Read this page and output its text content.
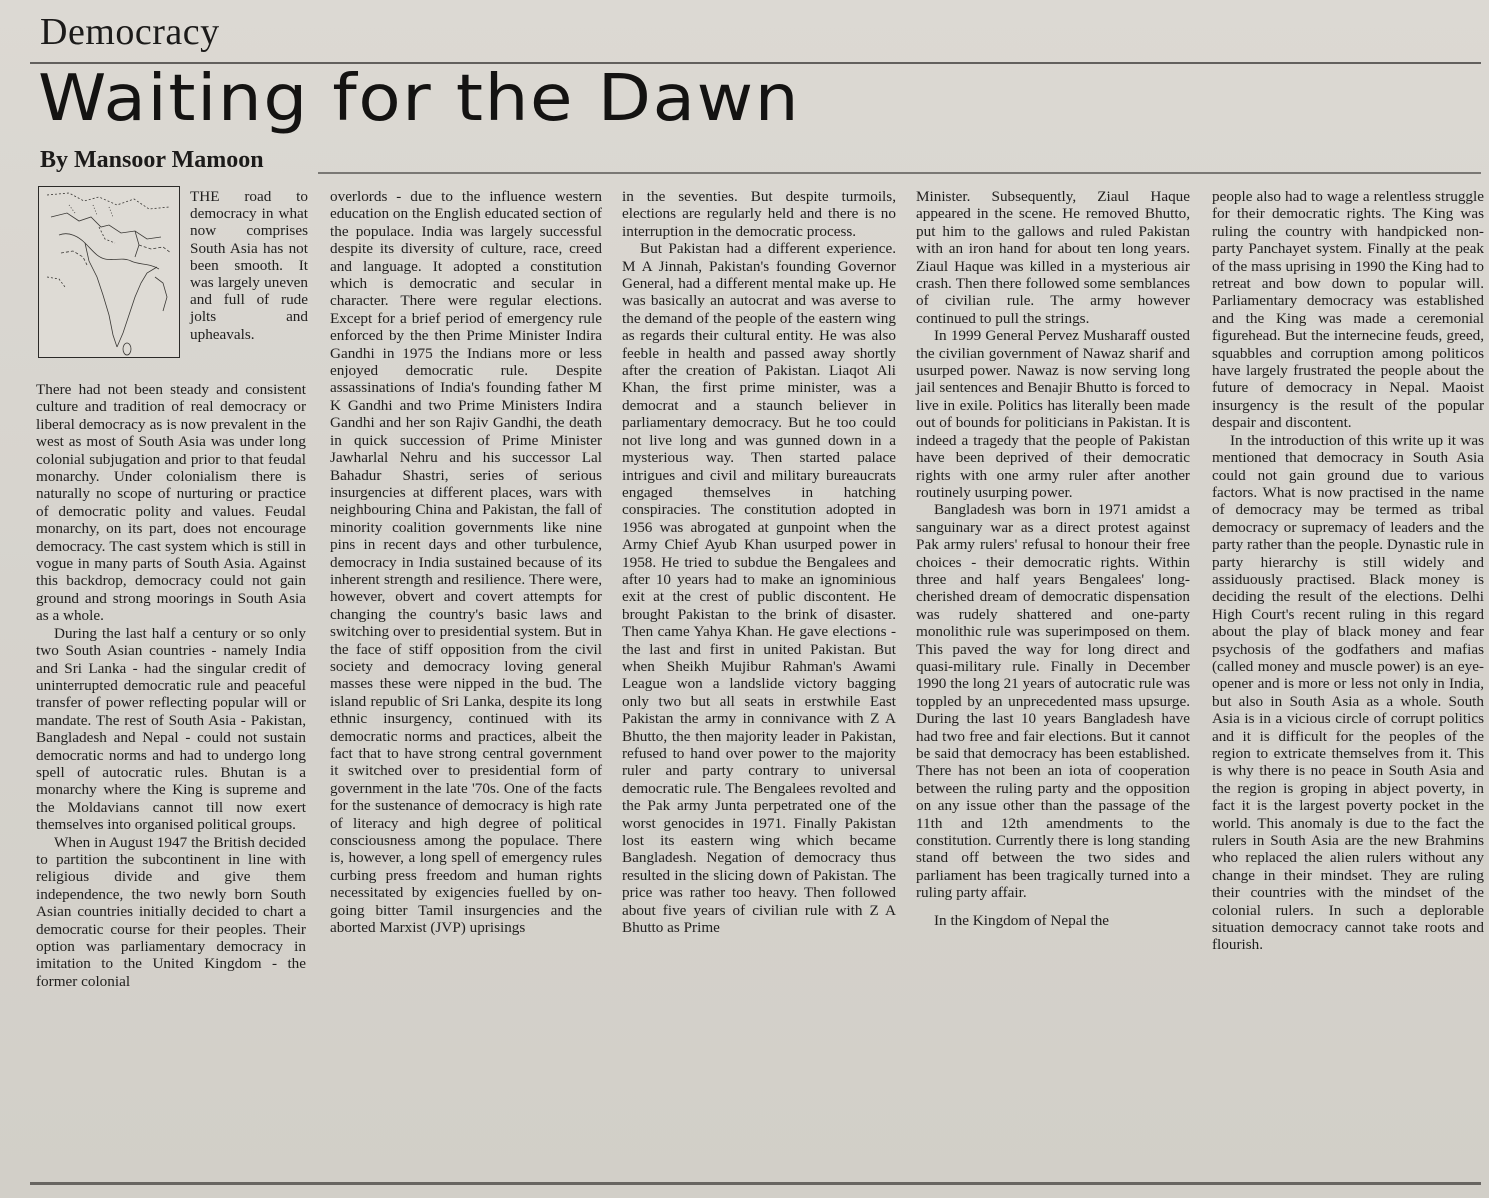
Democracy
Waiting for the Dawn
By Mansoor Mamoon

THE road to democracy in what now comprises South Asia has not been smooth. It was largely uneven and full of rude jolts and upheavals.

There had not been steady and consistent culture and tradition of real democracy or liberal democracy as is now prevalent in the west as most of South Asia was under long colonial subjugation and prior to that feudal monarchy. Under colonialism there is naturally no scope of nurturing or practice of democratic polity and values. Feudal monarchy, on its part, does not encourage democracy. The cast system which is still in vogue in many parts of South Asia. Against this backdrop, democracy could not gain ground and strong moorings in South Asia as a whole.

During the last half a century or so only two South Asian countries - namely India and Sri Lanka - had the singular credit of uninterrupted democratic rule and peaceful transfer of power reflecting popular will or mandate. The rest of South Asia - Pakistan, Bangladesh and Nepal - could not sustain democratic norms and had to undergo long spell of autocratic rules. Bhutan is a monarchy where the King is supreme and the Moldavians cannot till now exert themselves into organised political groups.

When in August 1947 the British decided to partition the subcontinent in line with religious divide and give them independence, the two newly born South Asian countries initially decided to chart a democratic course for their peoples. Their option was parliamentary democracy in imitation to the United Kingdom - the former colonial

overlords - due to the influence western education on the English educated section of the populace. India was largely successful despite its diversity of culture, race, creed and language. It adopted a constitution which is democratic and secular in character. There were regular elections. Except for a brief period of emergency rule enforced by the then Prime Minister Indira Gandhi in 1975 the Indians more or less enjoyed democratic rule. Despite assassinations of India's founding father M K Gandhi and two Prime Ministers Indira Gandhi and her son Rajiv Gandhi, the death in quick succession of Prime Minister Jawharlal Nehru and his successor Lal Bahadur Shastri, series of serious insurgencies at different places, wars with neighbouring China and Pakistan, the fall of minority coalition governments like nine pins in recent days and other turbulence, democracy in India sustained because of its inherent strength and resilience. There were, however, obvert and covert attempts for changing the country's basic laws and switching over to presidential system. But in the face of stiff opposition from the civil society and democracy loving general masses these were nipped in the bud. The island republic of Sri Lanka, despite its long ethnic insurgency, continued with its democratic norms and practices, albeit the fact that to have strong central government it switched over to presidential form of government in the late '70s. One of the facts for the sustenance of democracy is high rate of literacy and high degree of political consciousness among the populace. There is, however, a long spell of emergency rules curbing press freedom and human rights necessitated by exigencies fuelled by on-going bitter Tamil insurgencies and the aborted Marxist (JVP) uprisings

in the seventies. But despite turmoils, elections are regularly held and there is no interruption in the democratic process.

But Pakistan had a different experience. M A Jinnah, Pakistan's founding Governor General, had a different mental make up. He was basically an autocrat and was averse to the demand of the people of the eastern wing as regards their cultural entity. He was also feeble in health and passed away shortly after the creation of Pakistan. Liaqot Ali Khan, the first prime minister, was a democrat and a staunch believer in parliamentary democracy. But he too could not live long and was gunned down in a mysterious way. Then started palace intrigues and civil and military bureaucrats engaged themselves in hatching conspiracies. The constitution adopted in 1956 was abrogated at gunpoint when the Army Chief Ayub Khan usurped power in 1958. He tried to subdue the Bengalees and after 10 years had to make an ignominious exit at the crest of public discontent. He brought Pakistan to the brink of disaster. Then came Yahya Khan. He gave elections - the last and first in united Pakistan. But when Sheikh Mujibur Rahman's Awami League won a landslide victory bagging only two but all seats in erstwhile East Pakistan the army in connivance with Z A Bhutto, the then majority leader in Pakistan, refused to hand over power to the majority ruler and party contrary to universal democratic rule. The Bengalees revolted and the Pak army Junta perpetrated one of the worst genocides in 1971. Finally Pakistan lost its eastern wing which became Bangladesh. Negation of democracy thus resulted in the slicing down of Pakistan. The price was rather too heavy. Then followed about five years of civilian rule with Z A Bhutto as Prime

Minister. Subsequently, Ziaul Haque appeared in the scene. He removed Bhutto, put him to the gallows and ruled Pakistan with an iron hand for about ten long years. Ziaul Haque was killed in a mysterious air crash. Then there followed some semblances of civilian rule. The army however continued to pull the strings.

In 1999 General Pervez Musharaff ousted the civilian government of Nawaz sharif and usurped power. Nawaz is now serving long jail sentences and Benajir Bhutto is forced to live in exile. Politics has literally been made out of bounds for politicians in Pakistan. It is indeed a tragedy that the people of Pakistan have been deprived of their democratic rights with one army ruler after another routinely usurping power.

Bangladesh was born in 1971 amidst a sanguinary war as a direct protest against Pak army rulers' refusal to honour their free choices - their democratic rights. Within three and half years Bengalees' long-cherished dream of democratic dispensation was rudely shattered and one-party monolithic rule was superimposed on them. This paved the way for long direct and quasi-military rule. Finally in December 1990 the long 21 years of autocratic rule was toppled by an unprecedented mass upsurge. During the last 10 years Bangladesh have had two free and fair elections. But it cannot be said that democracy has been established. There has not been an iota of cooperation between the ruling party and the opposition on any issue other than the passage of the 11th and 12th amendments to the constitution. Currently there is long standing stand off between the two sides and parliament has been tragically turned into a ruling party affair.

In the Kingdom of Nepal the

people also had to wage a relentless struggle for their democratic rights. The King was ruling the country with handpicked non-party Panchayet system. Finally at the peak of the mass uprising in 1990 the King had to retreat and bow down to popular will. Parliamentary democracy was established and the King was made a ceremonial figurehead. But the internecine feuds, greed, squabbles and corruption among politicos have largely frustrated the people about the future of democracy in Nepal. Maoist insurgency is the result of the popular despair and discontent.

In the introduction of this write up it was mentioned that democracy in South Asia could not gain ground due to various factors. What is now practised in the name of democracy may be termed as tribal democracy or supremacy of leaders and the party rather than the people. Dynastic rule in party hierarchy is still widely and assiduously practised. Black money is deciding the result of the elections. Delhi High Court's recent ruling in this regard about the play of black money and fear psychosis of the godfathers and mafias (called money and muscle power) is an eye-opener and is more or less not only in India, but also in South Asia as a whole. South Asia is in a vicious circle of corrupt politics and it is difficult for the peoples of the region to extricate themselves from it. This is why there is no peace in South Asia and the region is groping in abject poverty, in fact it is the largest poverty pocket in the world. This anomaly is due to the fact the rulers in South Asia are the new Brahmins who replaced the alien rulers without any change in their mindset. They are ruling their countries with the mindset of the colonial rulers. In such a deplorable situation democracy cannot take roots and flourish.
